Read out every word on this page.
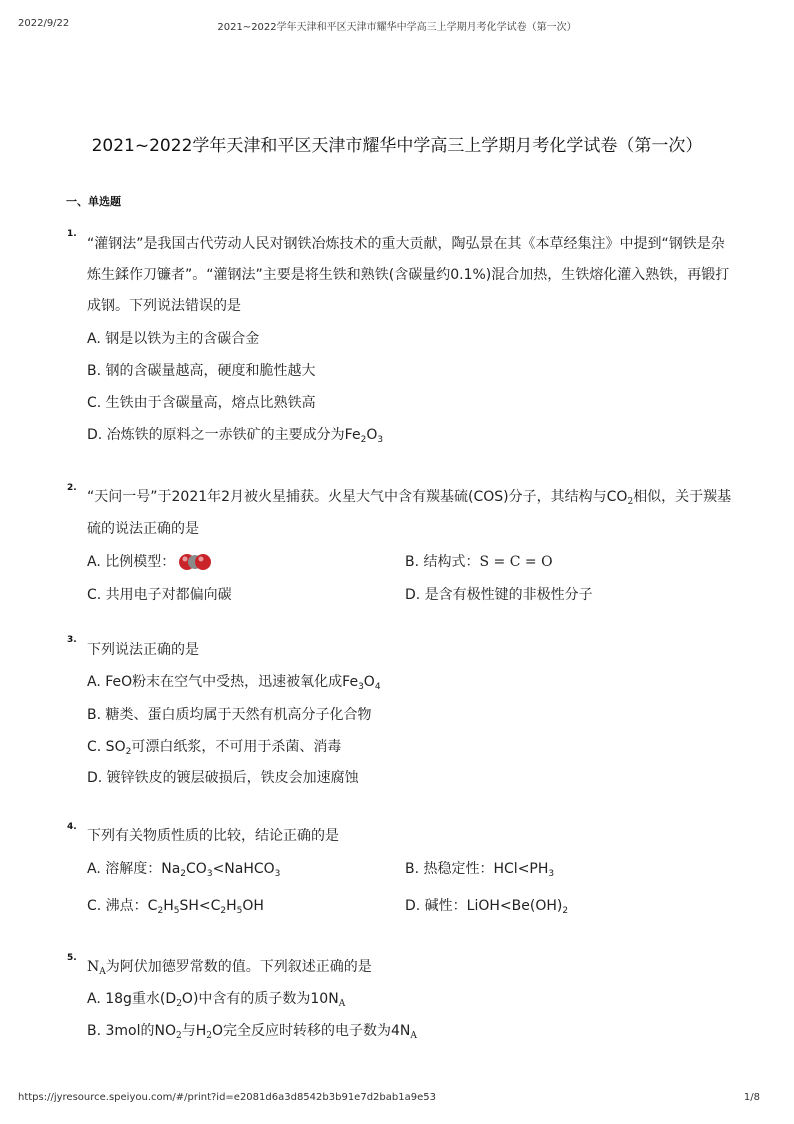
2022/9/22	2021~2022学年天津和平区天津市耀华中学高三上学期月考化学试卷（第一次）
2021~2022学年天津和平区天津市耀华中学高三上学期月考化学试卷（第一次）
一、单选题
1.
“灌钢法”是我国古代劳动人民对钢铁冶炼技术的重大贡献，陶弘景在其《本草经集注》中提到“钢铁是杂
炼生鍒作刀镰者”。“灌钢法”主要是将生铁和熟铁(含碳量约0.1%)混合加热，生铁熔化灌入熟铁，再锻打
成钢。下列说法错误的是
A. 钢是以铁为主的含碳合金
B. 钢的含碳量越高，硬度和脆性越大
C. 生铁由于含碳量高，熔点比熟铁高
D. 冶炼铁的原料之一赤铁矿的主要成分为$Fe_2O_3$
2.
“天问一号”于2021年2月被火星捕获。火星大气中含有羰基硫(COS)分子，其结构与$CO_2$相似，关于羰基
硫的说法正确的是
A. 比例模型：	B. 结构式：S = C = O
C. 共用电子对都偏向碳	D. 是含有极性键的非极性分子
3.
下列说法正确的是
A. FeO粉末在空气中受热，迅速被氧化成$Fe_3O_4$
B. 糖类、蛋白质均属于天然有机高分子化合物
C. $SO_2$可漂白纸浆，不可用于杀菌、消毒
D. 镀锌铁皮的镀层破损后，铁皮会加速腐蚀
4.
下列有关物质性质的比较，结论正确的是
A. 溶解度：$Na_2CO_3<NaHCO_3$	B. 热稳定性：$HCl<PH_3$
C. 沸点：$C_2H_5SH<C_2H_5OH$	D. 碱性：$LiOH<Be(OH)_2$
5.
$N_A$为阿伏加德罗常数的值。下列叙述正确的是
A. 18g重水$(D_2O)$中含有的质子数为$10N_A$
B. 3mol的$NO_2$与$H_2O$完全反应时转移的电子数为$4N_A$
https://jyresource.speiyou.com/#/print?id=e2081d6a3d8542b3b91e7d2bab1a9e53	1/8
